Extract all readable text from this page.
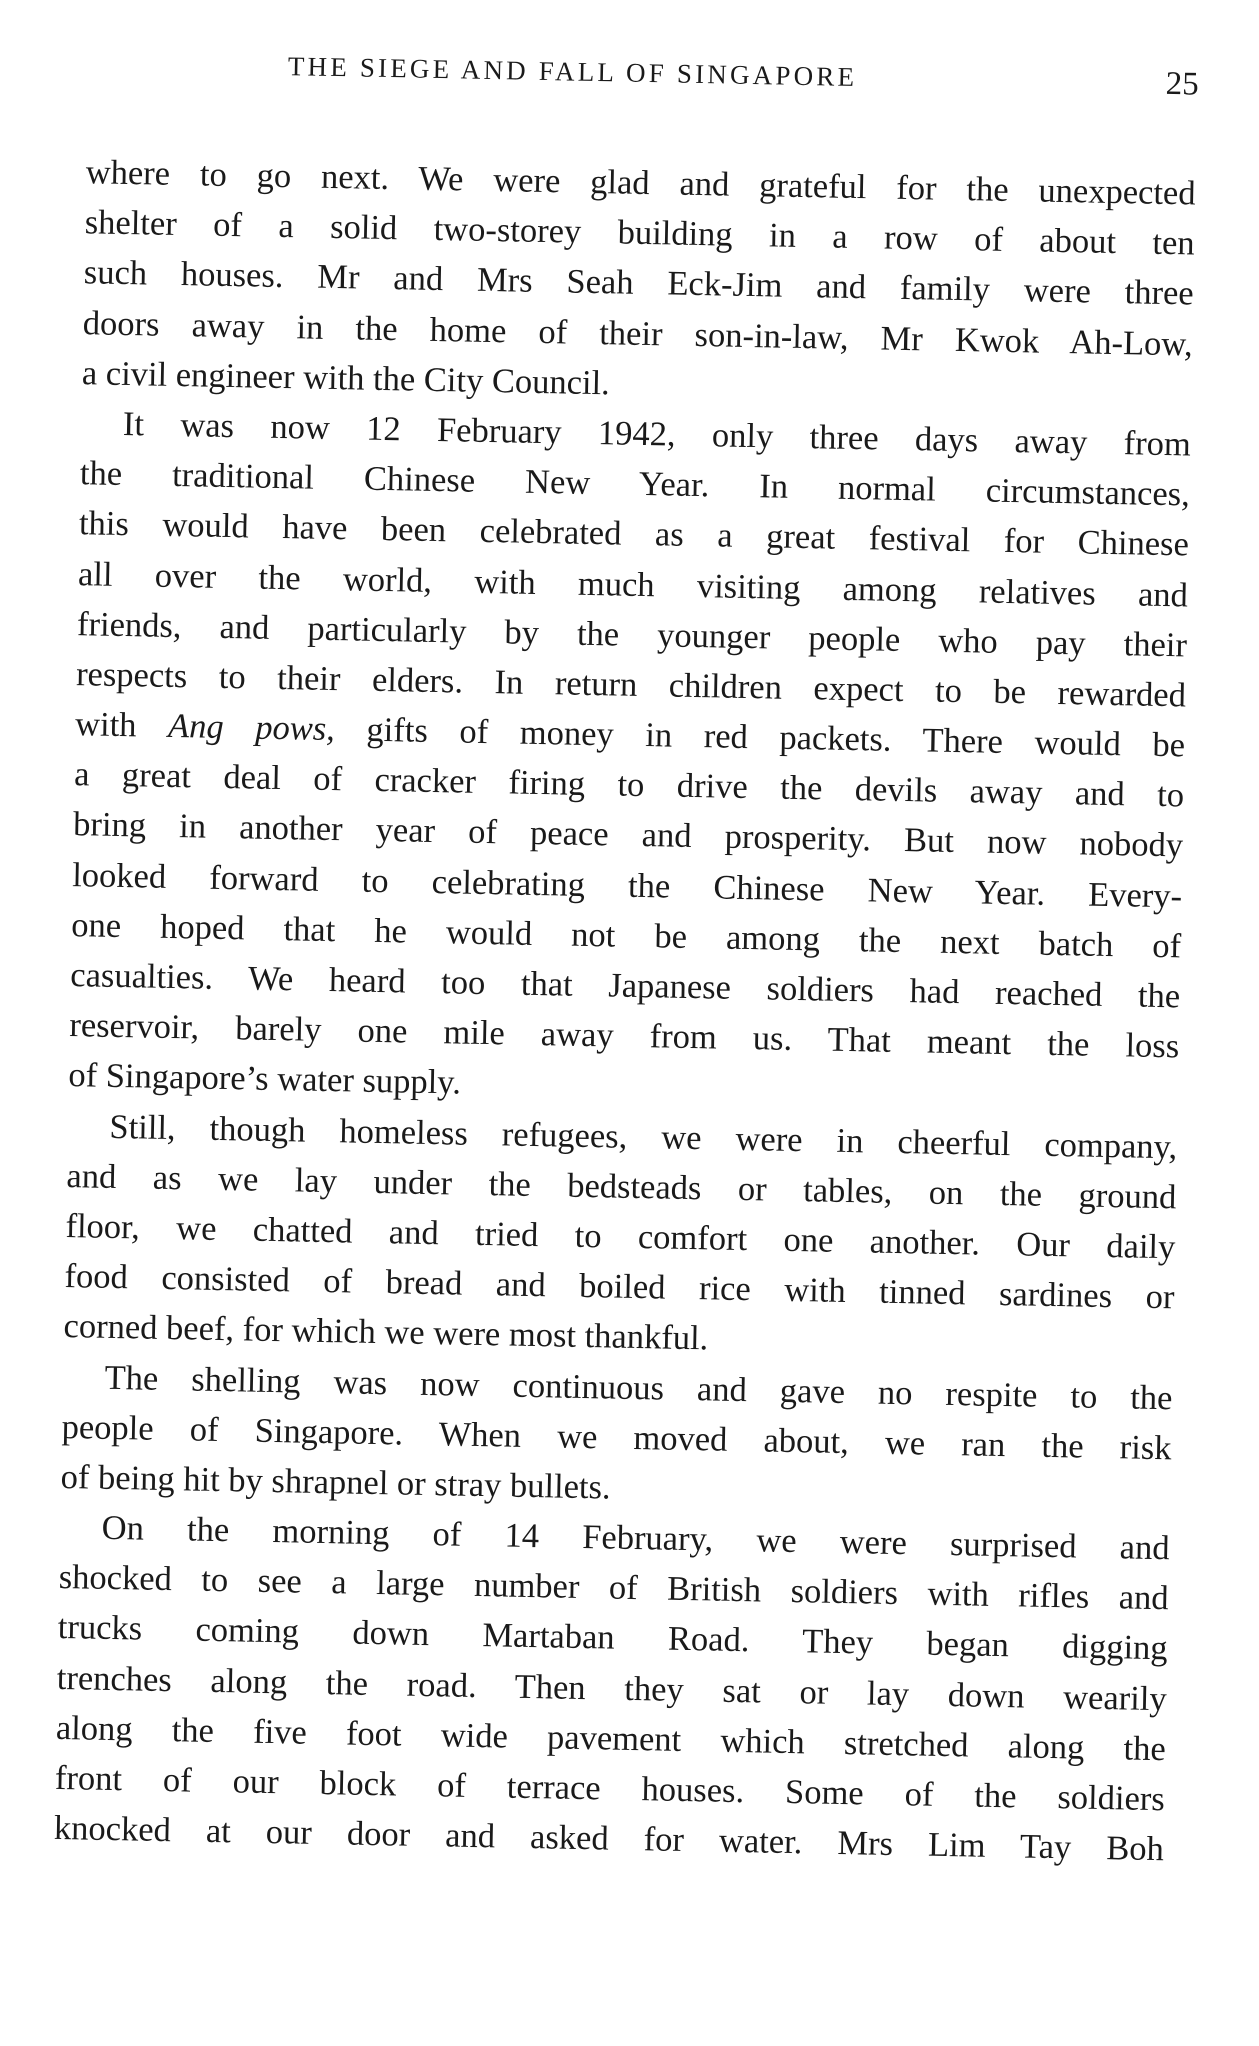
THE SIEGE AND FALL OF SINGAPORE	25
where to go next. We were glad and grateful for the unexpected
shelter of a solid two-storey building in a row of about ten
such houses. Mr and Mrs Seah Eck-Jim and family were three
doors away in the home of their son-in-law, Mr Kwok Ah-Low,
a civil engineer with the City Council.
It was now 12 February 1942, only three days away from
the traditional Chinese New Year. In normal circumstances,
this would have been celebrated as a great festival for Chinese
all over the world, with much visiting among relatives and
friends, and particularly by the younger people who pay their
respects to their elders. In return children expect to be rewarded
with Ang pows, gifts of money in red packets. There would be
a great deal of cracker firing to drive the devils away and to
bring in another year of peace and prosperity. But now nobody
looked forward to celebrating the Chinese New Year. Every-
one hoped that he would not be among the next batch of
casualties. We heard too that Japanese soldiers had reached the
reservoir, barely one mile away from us. That meant the loss
of Singapore’s water supply.
Still, though homeless refugees, we were in cheerful company,
and as we lay under the bedsteads or tables, on the ground
floor, we chatted and tried to comfort one another. Our daily
food consisted of bread and boiled rice with tinned sardines or
corned beef, for which we were most thankful.
The shelling was now continuous and gave no respite to the
people of Singapore. When we moved about, we ran the risk
of being hit by shrapnel or stray bullets.
On the morning of 14 February, we were surprised and
shocked to see a large number of British soldiers with rifles and
trucks coming down Martaban Road. They began digging
trenches along the road. Then they sat or lay down wearily
along the five foot wide pavement which stretched along the
front of our block of terrace houses. Some of the soldiers
knocked at our door and asked for water. Mrs Lim Tay Boh
